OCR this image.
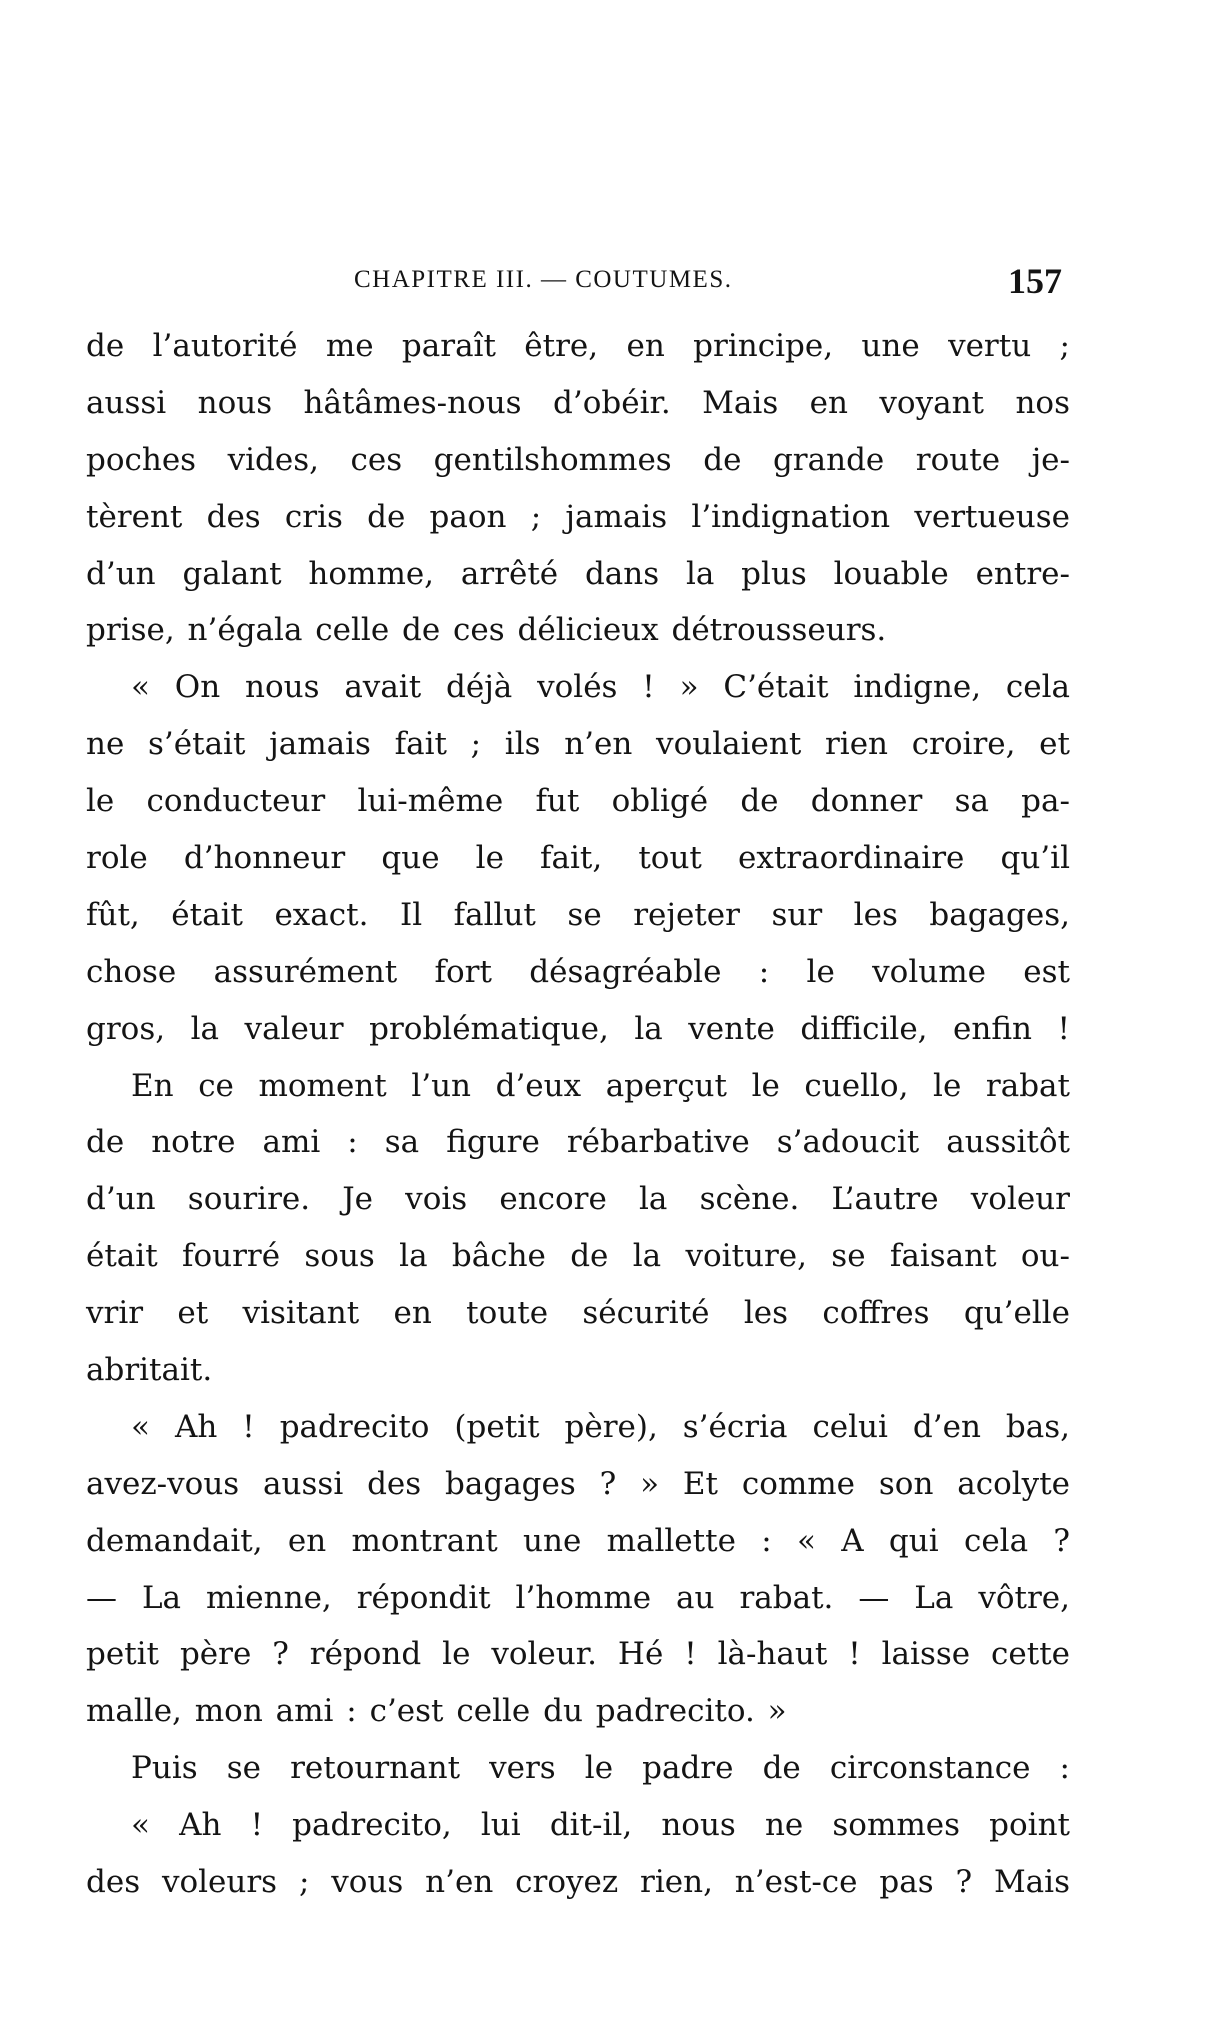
CHAPITRE III. — COUTUMES.	157
de l’autorité me paraît être, en principe, une vertu ;
aussi nous hâtâmes-nous d’obéir. Mais en voyant nos
poches vides, ces gentilshommes de grande route je-
tèrent des cris de paon ; jamais l’indignation vertueuse
d’un galant homme, arrêté dans la plus louable entre-
prise, n’égala celle de ces délicieux détrousseurs.
« On nous avait déjà volés ! » C’était indigne, cela
ne s’était jamais fait ; ils n’en voulaient rien croire, et
le conducteur lui-même fut obligé de donner sa pa-
role d’honneur que le fait, tout extraordinaire qu’il
fût, était exact. Il fallut se rejeter sur les bagages,
chose assurément fort désagréable : le volume est
gros, la valeur problématique, la vente difficile, enfin !
En ce moment l’un d’eux aperçut le cuello, le rabat
de notre ami : sa figure rébarbative s’adoucit aussitôt
d’un sourire. Je vois encore la scène. L’autre voleur
était fourré sous la bâche de la voiture, se faisant ou-
vrir et visitant en toute sécurité les coffres qu’elle
abritait.
« Ah ! padrecito (petit père), s’écria celui d’en bas,
avez-vous aussi des bagages ? » Et comme son acolyte
demandait, en montrant une mallette : « A qui cela ?
— La mienne, répondit l’homme au rabat. — La vôtre,
petit père ? répond le voleur. Hé ! là-haut ! laisse cette
malle, mon ami : c’est celle du padrecito. »
Puis se retournant vers le padre de circonstance :
« Ah ! padrecito, lui dit-il, nous ne sommes point
des voleurs ; vous n’en croyez rien, n’est-ce pas ? Mais
